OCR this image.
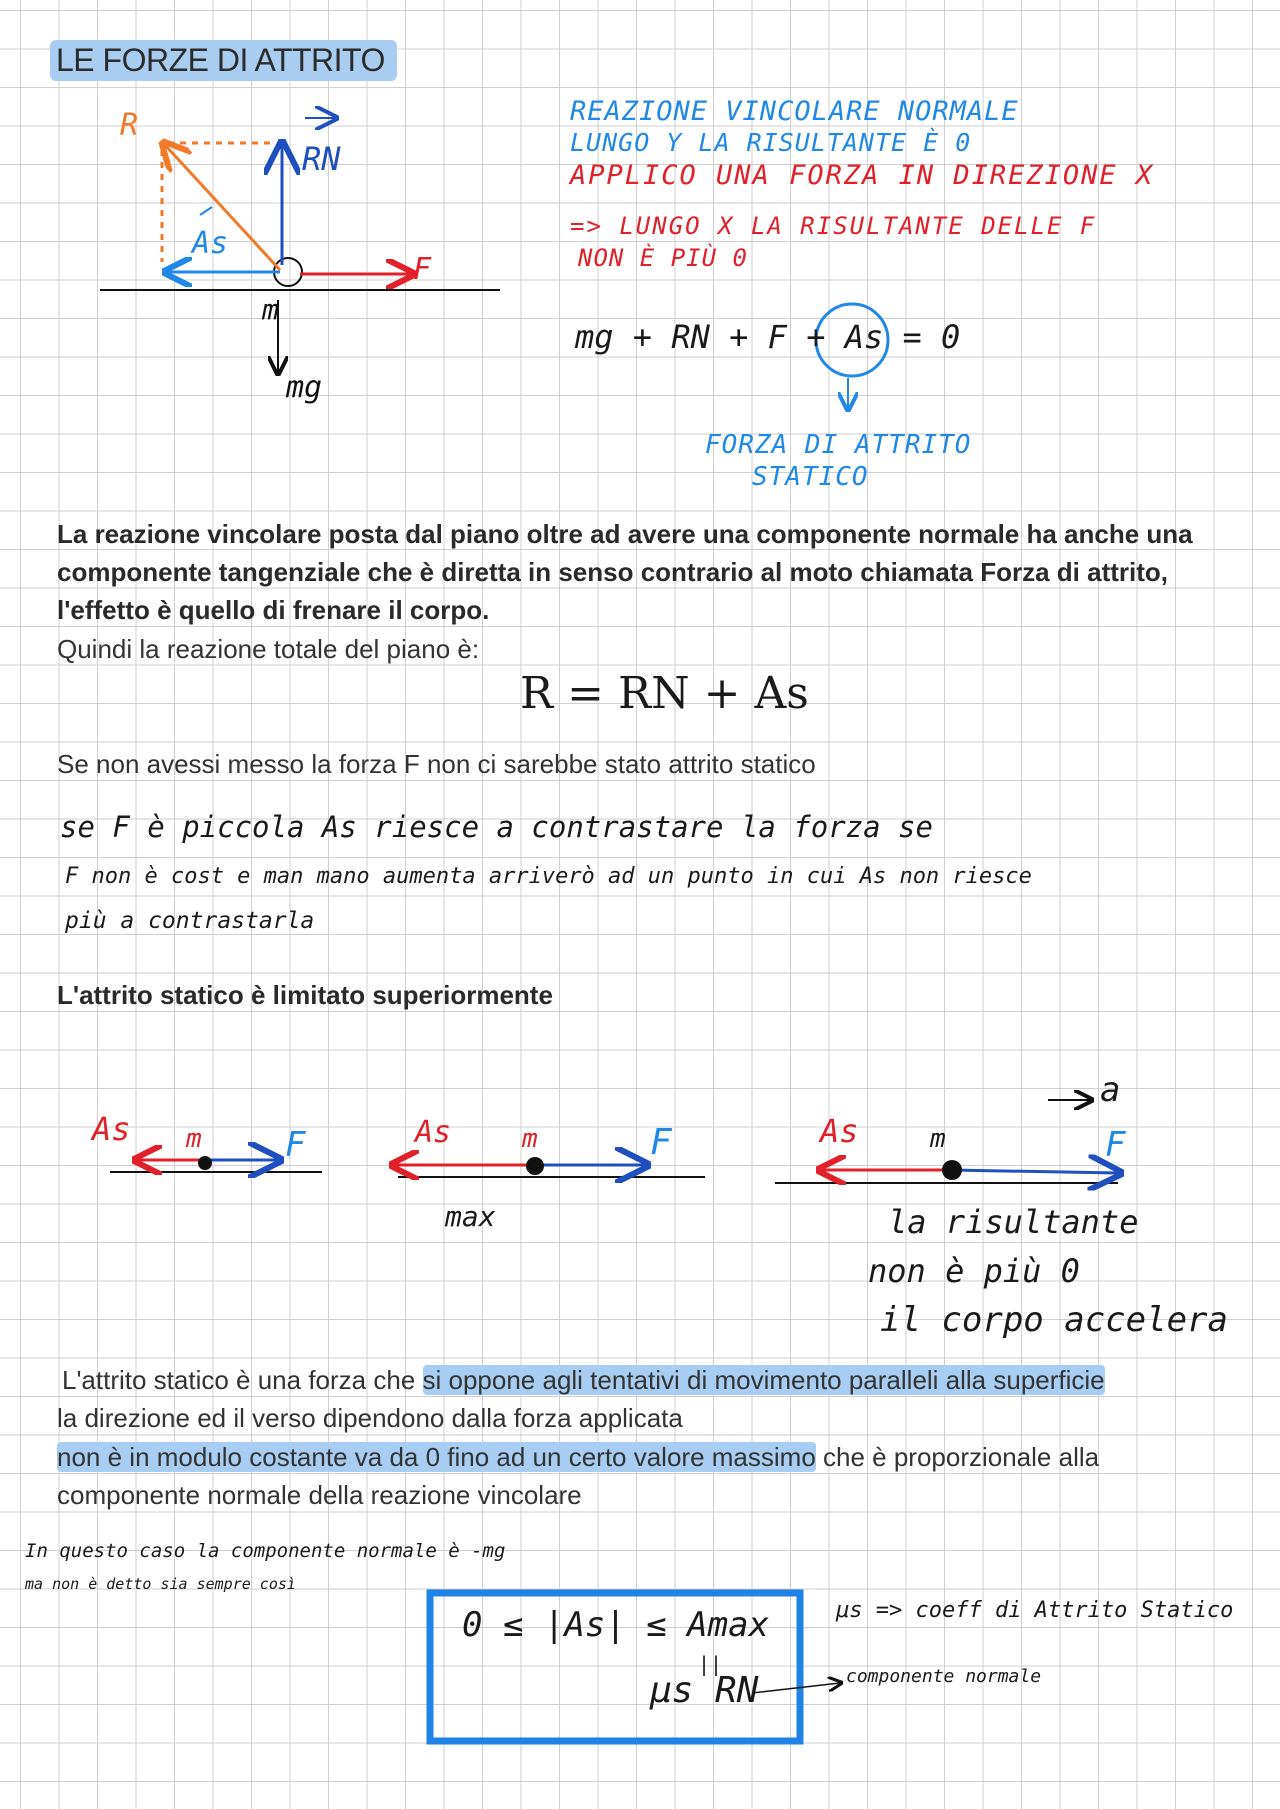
LE FORZE DI ATTRITO
R
RN
As
F
m
mg
REAZIONE VINCOLARE NORMALE
LUNGO Y LA RISULTANTE È 0
APPLICO UNA FORZA IN DIREZIONE X
=> LUNGO X LA RISULTANTE DELLE F
NON È PIÙ 0
mg + RN + F + As = 0
FORZA DI ATTRITO
STATICO
La reazione vincolare posta dal piano oltre ad avere una componente normale ha anche una
componente tangenziale che è diretta in senso contrario al moto chiamata Forza di attrito,
l'effetto è quello di frenare il corpo.
Quindi la reazione totale del piano è:
R = RN + As
Se non avessi messo la forza F non ci sarebbe stato attrito statico
se F è piccola As riesce a contrastare la forza se
F non è cost e man mano aumenta arriverò ad un punto in cui As non riesce
più a contrastarla
L'attrito statico è limitato superiormente
As m F	As	m	F
max
a
As	m	F
la risultante
non è più 0
il corpo accelera
L'attrito statico è una forza che si oppone agli tentativi di movimento paralleli alla superficie
la direzione ed il verso dipendono dalla forza applicata
non è in modulo costante va da 0 fino ad un certo valore massimo che è proporzionale alla
componente normale della reazione vincolare
In questo caso la componente normale è -mg
ma non è detto sia sempre così
0 ≤ |As| ≤ Amax
||
μs RN
μs => coeff di Attrito Statico
componente normale
